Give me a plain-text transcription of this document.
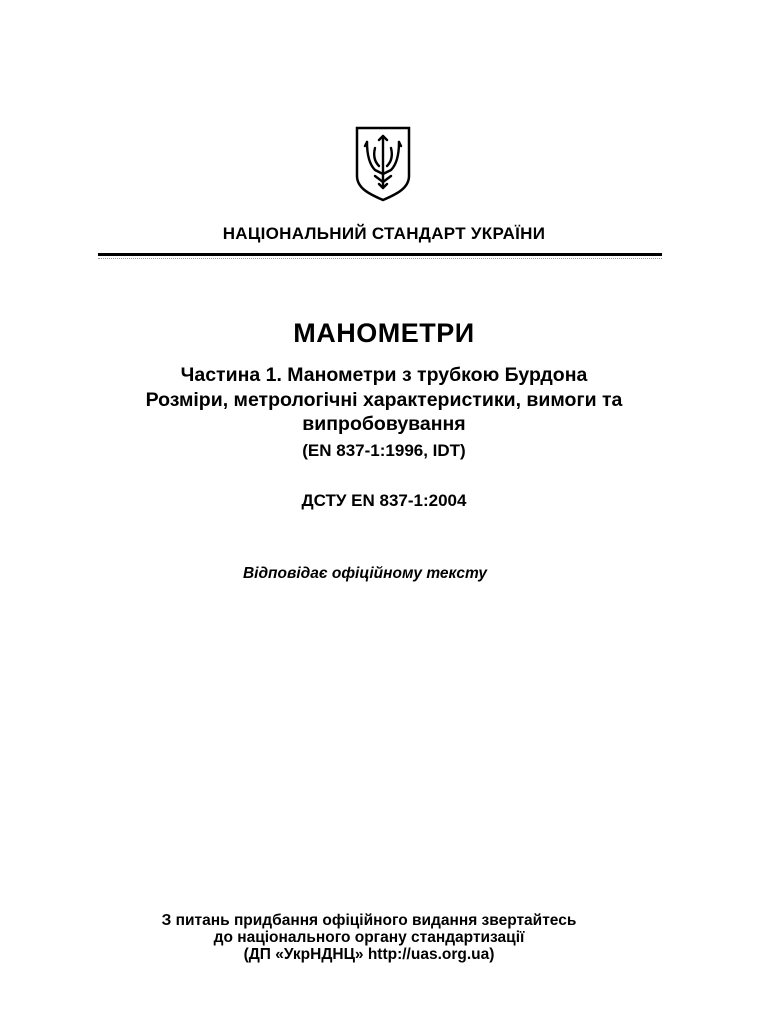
НАЦІОНАЛЬНИЙ СТАНДАРТ УКРАЇНИ
МАНОМЕТРИ
Частина 1. Манометри з трубкою Бурдона
Розміри, метрологічні характеристики, вимоги та
випробовування
(EN 837-1:1996, IDT)
ДСТУ EN 837-1:2004
Відповідає офіційному тексту
З питань придбання офіційного видання звертайтесь
до національного органу стандартизації
(ДП «УкрНДНЦ» http://uas.org.ua)
